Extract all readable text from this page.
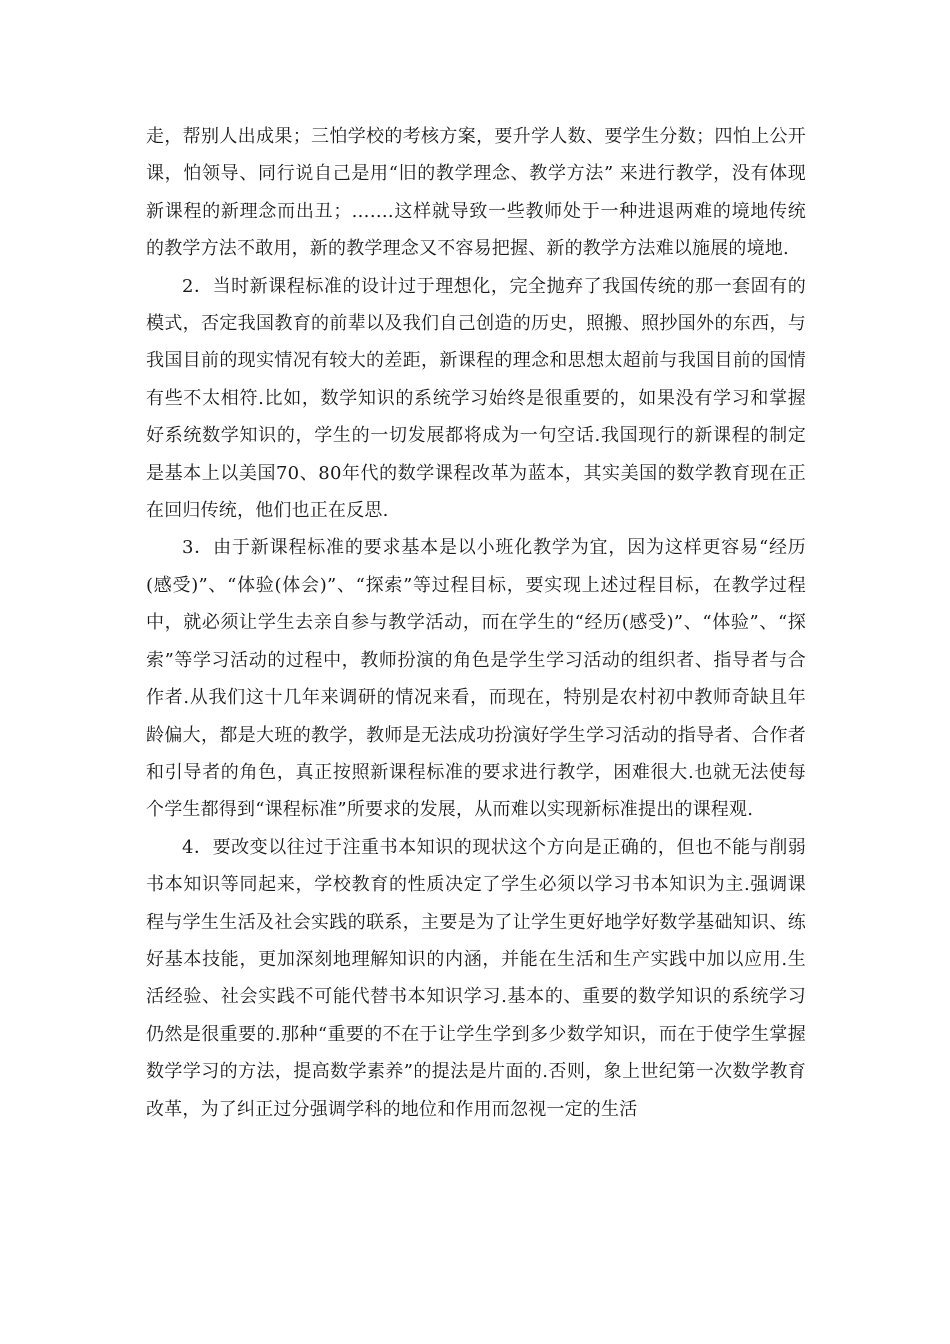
走，帮别人出成果；三怕学校的考核方案，要升学人数、要学生分数；四怕上公开课，怕领导、同行说自己是用“旧的教学理念、教学方法” 来进行教学，没有体现新课程的新理念而出丑；…….这样就导致一些教师处于一种进退两难的境地传统的教学方法不敢用，新的教学理念又不容易把握、新的教学方法难以施展的境地.

2．当时新课程标准的设计过于理想化，完全抛弃了我国传统的那一套固有的模式，否定我国教育的前辈以及我们自己创造的历史，照搬、照抄国外的东西，与我国目前的现实情况有较大的差距，新课程的理念和思想太超前与我国目前的国情有些不太相符.比如，数学知识的系统学习始终是很重要的，如果没有学习和掌握好系统数学知识的，学生的一切发展都将成为一句空话.我国现行的新课程的制定是基本上以美国70、80年代的数学课程改革为蓝本，其实美国的数学教育现在正在回归传统，他们也正在反思.

3．由于新课程标准的要求基本是以小班化教学为宜，因为这样更容易“经历(感受)”、“体验(体会)”、“探索”等过程目标，要实现上述过程目标，在教学过程中，就必须让学生去亲自参与教学活动，而在学生的“经历(感受)”、“体验”、“探索”等学习活动的过程中，教师扮演的角色是学生学习活动的组织者、指导者与合作者.从我们这十几年来调研的情况来看，而现在，特别是农村初中教师奇缺且年龄偏大，都是大班的教学，教师是无法成功扮演好学生学习活动的指导者、合作者和引导者的角色，真正按照新课程标准的要求进行教学，困难很大.也就无法使每个学生都得到“课程标准”所要求的发展，从而难以实现新标准提出的课程观.

4．要改变以往过于注重书本知识的现状这个方向是正确的，但也不能与削弱书本知识等同起来，学校教育的性质决定了学生必须以学习书本知识为主.强调课程与学生生活及社会实践的联系，主要是为了让学生更好地学好数学基础知识、练好基本技能，更加深刻地理解知识的内涵，并能在生活和生产实践中加以应用.生活经验、社会实践不可能代替书本知识学习.基本的、重要的数学知识的系统学习仍然是很重要的.那种“重要的不在于让学生学到多少数学知识，而在于使学生掌握数学学习的方法，提高数学素养”的提法是片面的.否则，象上世纪第一次数学教育改革，为了纠正过分强调学科的地位和作用而忽视一定的生活
